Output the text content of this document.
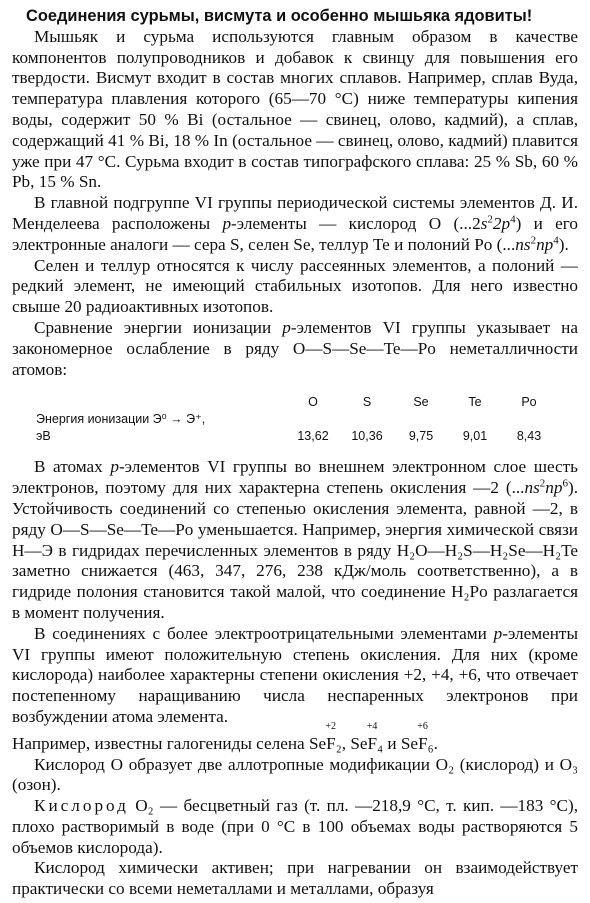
Соединения сурьмы, висмута и особенно мышьяка ядовиты!

Мышьяк и сурьма используются главным образом в качестве компонентов полупроводников и добавок к свинцу для повышения его твердости. Висмут входит в состав многих сплавов. Например, сплав Вуда, температура плавления которого (65—70 °С) ниже температуры кипения воды, содержит 50 % Bi (остальное — свинец, олово, кадмий), а сплав, содержащий 41 % Bi, 18 % In (остальное — свинец, олово, кадмий) плавится уже при 47 °С. Сурьма входит в состав типографского сплава: 25 % Sb, 60 % Pb, 15 % Sn.

В главной подгруппе VI группы периодической системы элементов Д. И. Менделеева расположены p-элементы — кислород О $(...2s^22p^4)$ и его электронные аналоги — сера S, селен Se, теллур Te и полоний Po $(...ns^2np^4)$.

Селен и теллур относятся к числу рассеянных элементов, а полоний — редкий элемент, не имеющий стабильных изотопов. Для него известно свыше 20 радиоактивных изотопов.

Сравнение энергии ионизации p-элементов VI группы указывает на закономерное ослабление в ряду О—S—Se—Te—Po неметалличности атомов:

	O	S	Se	Te	Po
Энергия ионизации Э⁰ → Э⁺,					
эВ	13,62	10,36	9,75	9,01	8,43

В атомах p-элементов VI группы во внешнем электронном слое шесть электронов, поэтому для них характерна степень окисления —2 $(...ns^2np^6)$. Устойчивость соединений со степенью окисления элемента, равной —2, в ряду О—S—Se—Te—Po уменьшается. Например, энергия химической связи Н—Э в гидридах перечисленных элементов в ряду H₂O—H₂S—H₂Se—H₂Te заметно снижается (463, 347, 276, 238 кДж/моль соответственно), а в гидриде полония становится такой малой, что соединение H₂Po разлагается в момент получения.

В соединениях с более электроотрицательными элементами p-элементы VI группы имеют положительную степень окисления. Для них (кроме кислорода) наиболее характерны степени окисления +2, +4, +6, что отвечает постепенному наращиванию числа неспаренных электронов при возбуждении атома элемента.

Например, известны галогениды селена
+2
SeF₂,
+4
SeF₄ и
+6
SeF₆.

Кислород О образует две аллотропные модификации O₂ (кислород) и O₃ (озон).

Кислород O₂ — бесцветный газ (т. пл. —218,9 °С, т. кип. —183 °С), плохо растворимый в воде (при 0 °С в 100 объемах воды растворяются 5 объемов кислорода).

Кислород химически активен; при нагревании он взаимодействует практически со всеми неметаллами и металлами, образуя
